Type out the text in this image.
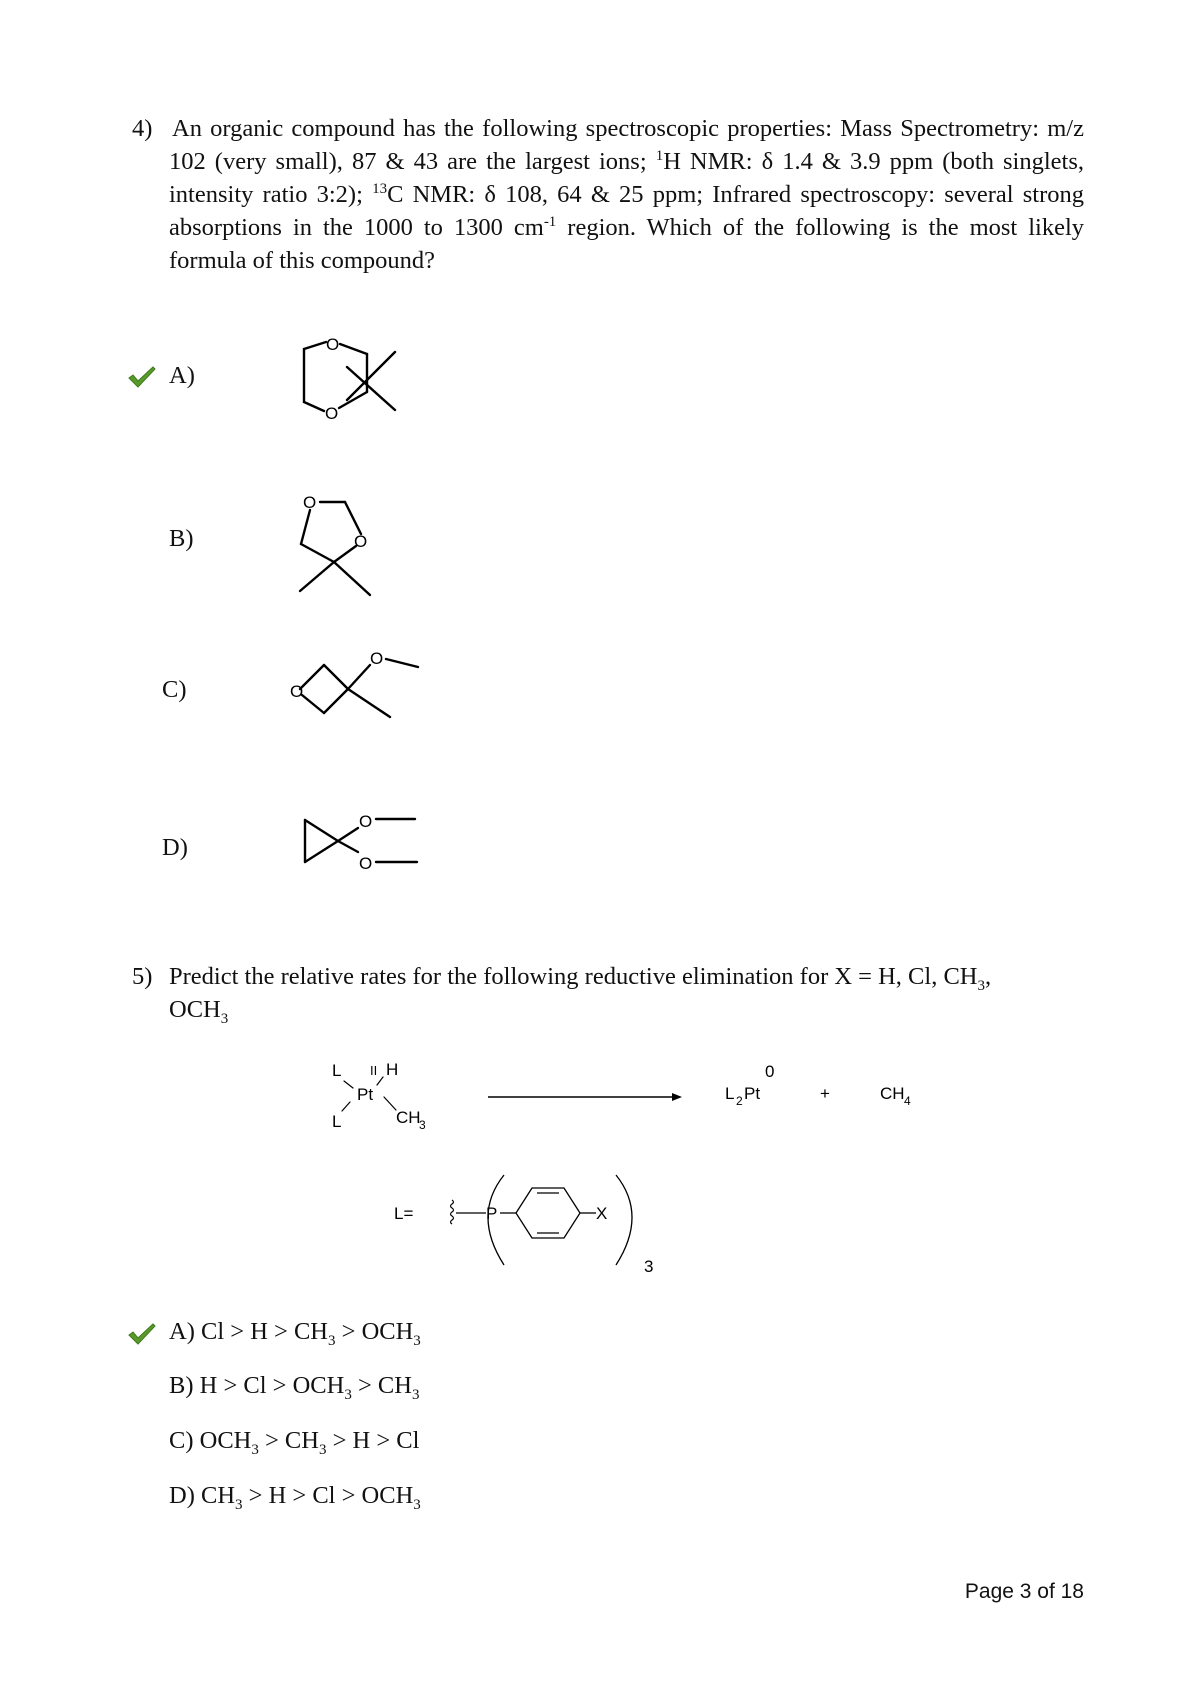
4) An organic compound has the following spectroscopic properties: Mass Spectrometry: m/z 102 (very small), 87 & 43 are the largest ions; $^1$H NMR: δ 1.4 & 3.9 ppm (both singlets, intensity ratio 3:2); $^{13}$C NMR: δ 108, 64 & 25 ppm; Infrared spectroscopy: several strong absorptions in the 1000 to 1300 $cm^{-1}$ region. Which of the following is the most likely formula of this compound?
A)
O
O
B)
O
O
C)	O
O
D)
O
O
5) Predict the relative rates for the following reductive elimination for X = H, Cl, $CH_3$,
$OCH_3$
L II H
Pt
L	CH
3
0
L 2 Pt	+	CH 4
L=	P	X
3
A) $Cl > H > CH_3 > OCH_3$
B) $H > Cl > OCH_3 > CH_3$
C) $OCH_3 > CH_3 > H > Cl$
D) $CH_3 > H > Cl > OCH_3$
Page 3 of 18
